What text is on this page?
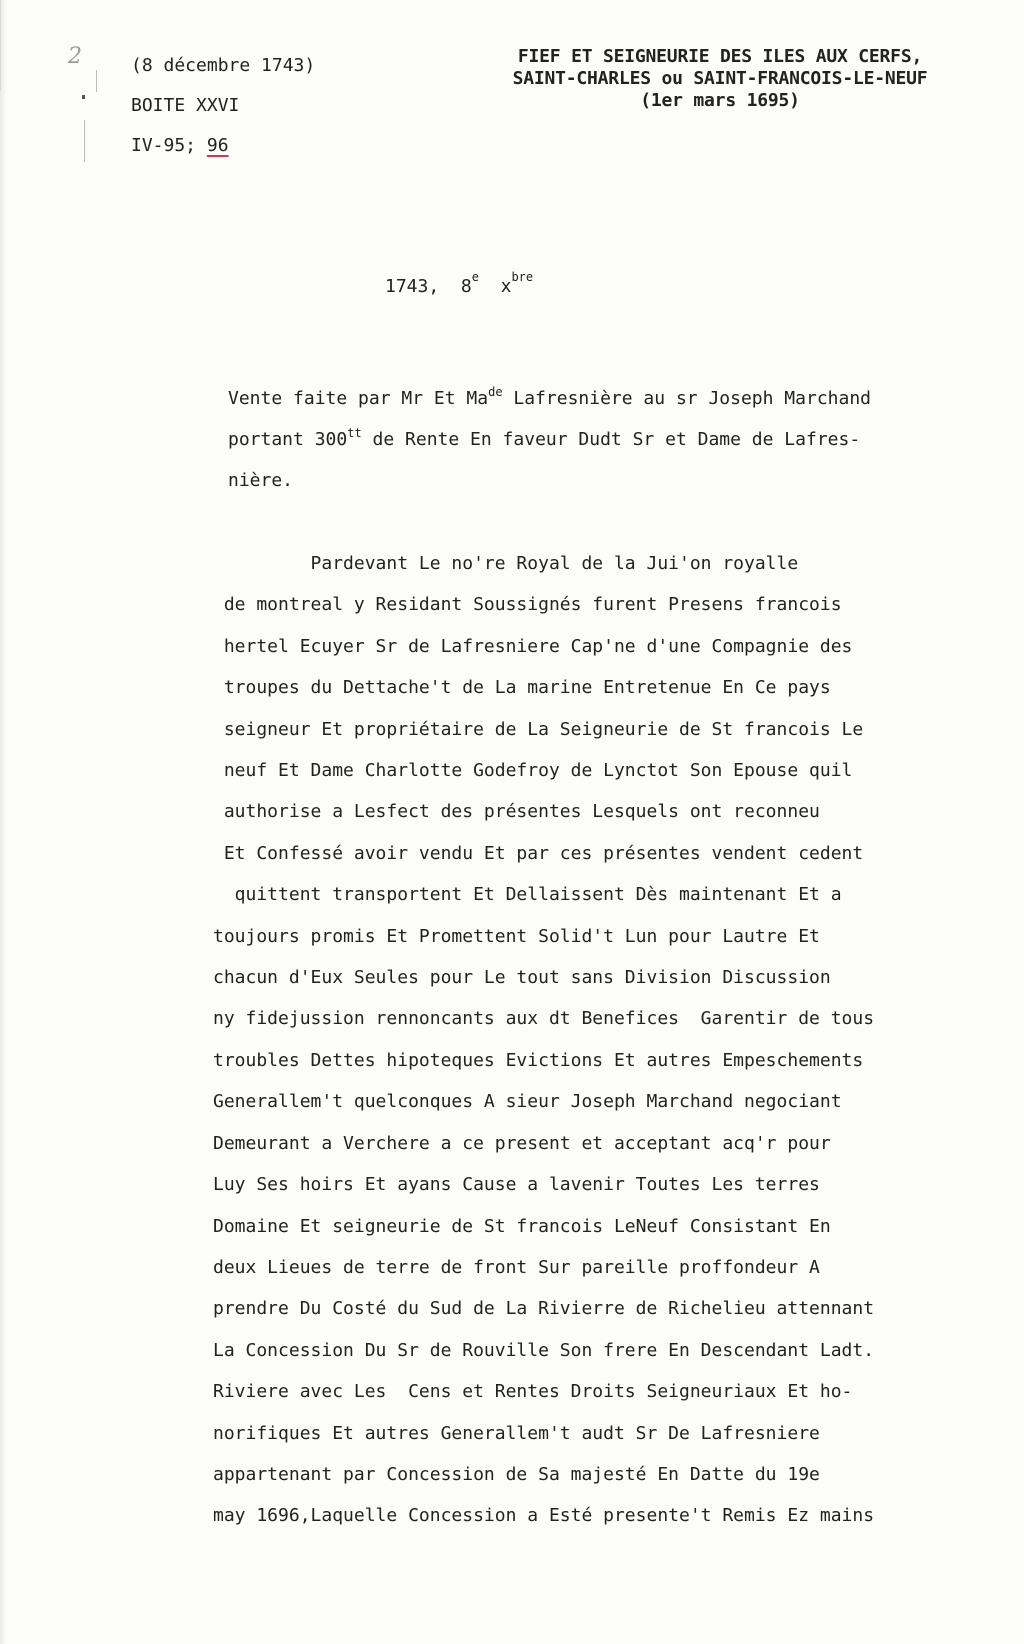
2	(8 décembre 1743)
BOITE XXVI
IV-95; 96
FIEF ET SEIGNEURIE DES ILES AUX CERFS,
SAINT-CHARLES ou SAINT-FRANCOIS-LE-NEUF
(1er mars 1695)
1743,  8e  $x^{bre}$
Vente faite par Mr Et $Ma^{de}$ Lafresnière au sr Joseph Marchand
portant $300^{tt}$ de Rente En faveur Dudt Sr et Dame de Lafres-
nière.
Pardevant Le no're Royal de la Jui'on royalle
de montreal y Residant Soussignés furent Presens francois
hertel Ecuyer Sr de Lafresniere Cap'ne d'une Compagnie des
troupes du Dettache't de La marine Entretenue En Ce pays
seigneur Et propriétaire de La Seigneurie de St francois Le
neuf Et Dame Charlotte Godefroy de Lynctot Son Epouse quil
authorise a Lesfect des présentes Lesquels ont reconneu
Et Confessé avoir vendu Et par ces présentes vendent cedent
quittent transportent Et Dellaissent Dès maintenant Et a
toujours promis Et Promettent Solid't Lun pour Lautre Et
chacun d'Eux Seules pour Le tout sans Division Discussion
ny fidejussion rennoncants aux dt Benefices  Garentir de tous
troubles Dettes hipoteques Evictions Et autres Empeschements
Generallem't quelconques A sieur Joseph Marchand negociant
Demeurant a Verchere a ce present et acceptant acq'r pour
Luy Ses hoirs Et ayans Cause a lavenir Toutes Les terres
Domaine Et seigneurie de St francois LeNeuf Consistant En
deux Lieues de terre de front Sur pareille proffondeur A
prendre Du Costé du Sud de La Rivierre de Richelieu attennant
La Concession Du Sr de Rouville Son frere En Descendant Ladt.
Riviere avec Les  Cens et Rentes Droits Seigneuriaux Et ho-
norifiques Et autres Generallem't audt Sr De Lafresniere
appartenant par Concession de Sa majesté En Datte du 19e
may 1696,Laquelle Concession a Esté presente't Remis Ez mains
